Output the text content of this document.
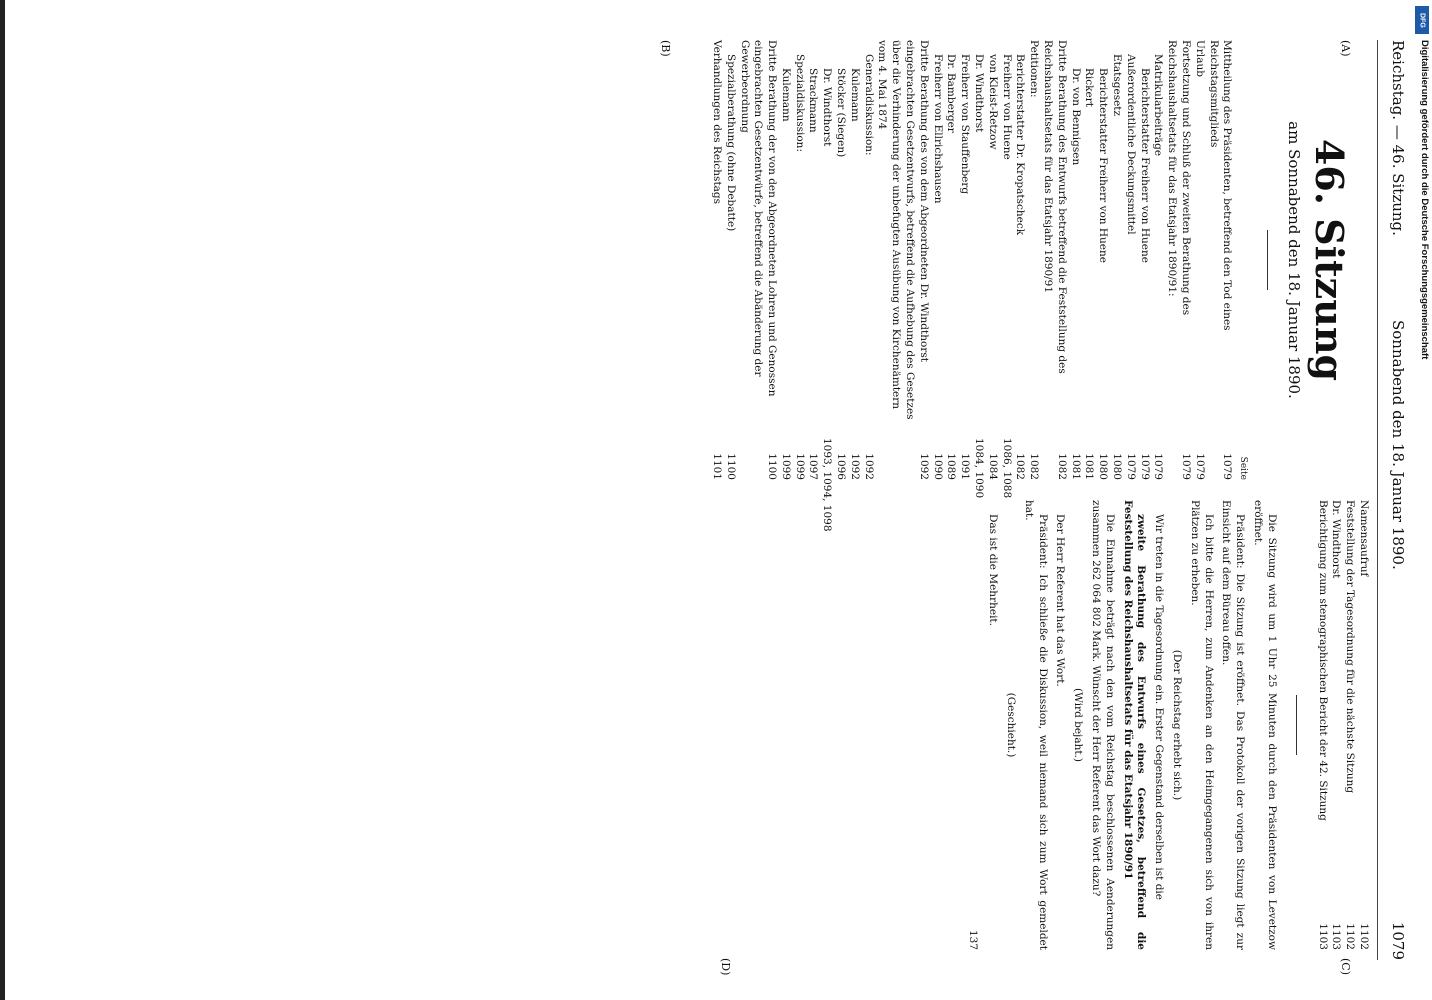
Reichstag. — 46. Sitzung.
Sonnabend den 18. Januar 1890.
1079
(A)
(B)
(C)
(D)
46. Sitzung
am Sonnabend den 18. Januar 1890.
Seite
Mittheilung des Präsidenten, betreffend den Tod eines Reichstagsmitglieds
1079
Urlaub
1079
Fortsetzung und Schluß der zweiten Berathung des Reichshaushaltsetats für das Etatsjahr 1890/91:
1079
Matrikularbeiträge
1079
Berichterstatter Freiherr von Huene
1079
Außerordentliche Deckungsmittel
1079
Etatsgesetz
1080
Berichterstatter Freiherr von Huene
1080
Rickert
1081
Dr. von Bennigsen
1081
Dritte Berathung des Entwurfs betreffend die Feststellung des Reichshaushaltsetats für das Etatsjahr 1890/91
1082
Petitionen:
1082
Berichterstatter Dr. Kropatscheck
1082
Freiherr von Huene
1086, 1088
von Kleist-Retzow
1084
Dr. Windthorst
1084, 1090
Freiherr von Stauffenberg
1091
Dr. Bamberger
1089
Freiherr von Ellrichshausen
1090
Dritte Berathung des von dem Abgeordneten Dr. Windthorst eingebrachten Gesetzentwurfs, betreffend die Aufhebung des Gesetzes über die Verhinderung der unbefugten Ausübung von Kirchenämtern vom 4. Mai 1874
1092
Generaldiskussion:
1092
Kulemann
1092
Stöcker (Siegen)
1096
Dr. Windthorst
1093, 1094, 1098
Strackmann
1097
Spezialdiskussion:
1099
Kulemann
1099
Dritte Berathung der von den Abgeordneten Lohren und Genossen eingebrachten Gesetzentwürfe, betreffend die Abänderung der Gewerbeordnung
1100
Spezialberathung (ohne Debatte)
1100
Verhandlungen des Reichstags
1101
Namensaufruf
1102
Feststellung der Tagesordnung für die nächste Sitzung
1102
Dr. Windthorst
1103
Berichtigung zum stenographischen Bericht der 42. Sitzung
1103

Die Sitzung wird um 1 Uhr 25 Minuten durch den Präsidenten von Levetzow eröffnet.

Präsident: Die Sitzung ist eröffnet. Das Protokoll der vorigen Sitzung liegt zur Einsicht auf dem Büreau offen.

Ich bitte die Herren, zum Andenken an den Heimgegangenen sich von ihren Plätzen zu erheben.

(Der Reichstag erhebt sich.)

Wir treten in die Tagesordnung ein. Erster Gegenstand derselben ist die

zweite Berathung des Entwurfs eines Gesetzes, betreffend die Feststellung des Reichshaushaltsetats für das Etatsjahr 1890/91

Die Einnahme beträgt nach den vom Reichstag beschlossenen Aenderungen zusammen 262 064 802 Mark. Wünscht der Herr Referent das Wort dazu?

(Wird bejaht.)

Der Herr Referent hat das Wort.

Präsident: Ich schließe die Diskussion, weil niemand sich zum Wort gemeldet hat.

(Geschieht.)

Das ist die Mehrheit.

137
DFG
Digitalisierung gefördert durch die Deutsche Forschungsgemeinschaft
